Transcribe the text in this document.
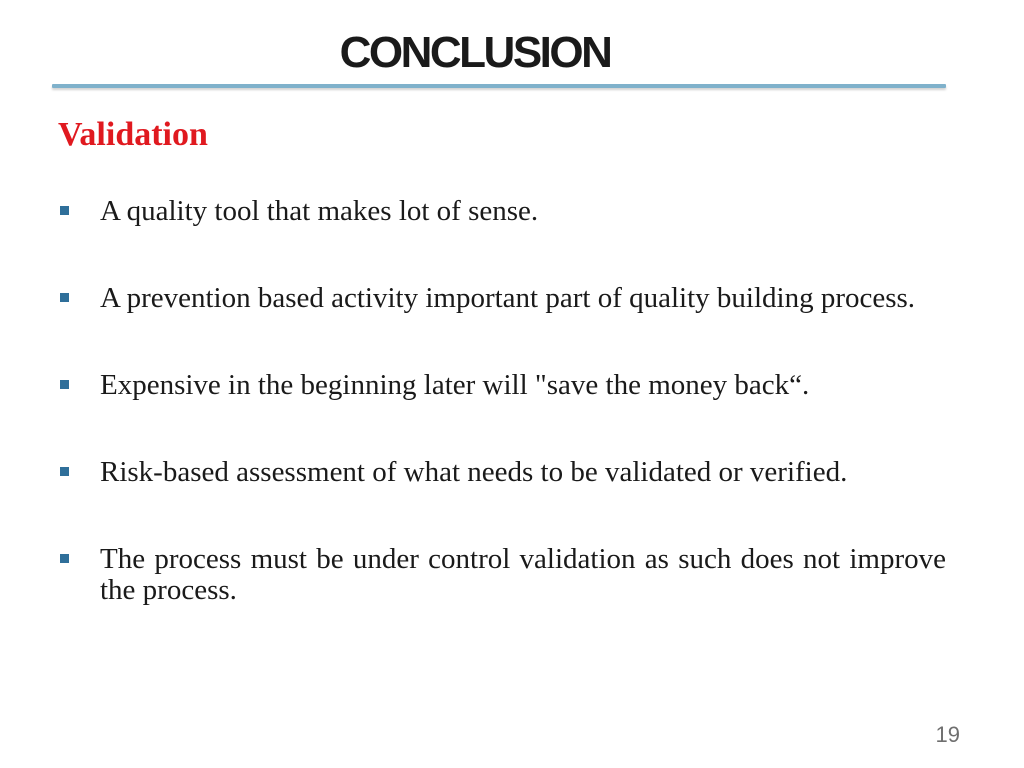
CONCLUSION
Validation
A quality tool that makes lot of sense.
A prevention based activity important part of quality building process.
Expensive in the beginning later will "save the money back“.
Risk-based assessment of what needs to be validated or verified.
The process must be under control validation as such does not improve the process.
19
